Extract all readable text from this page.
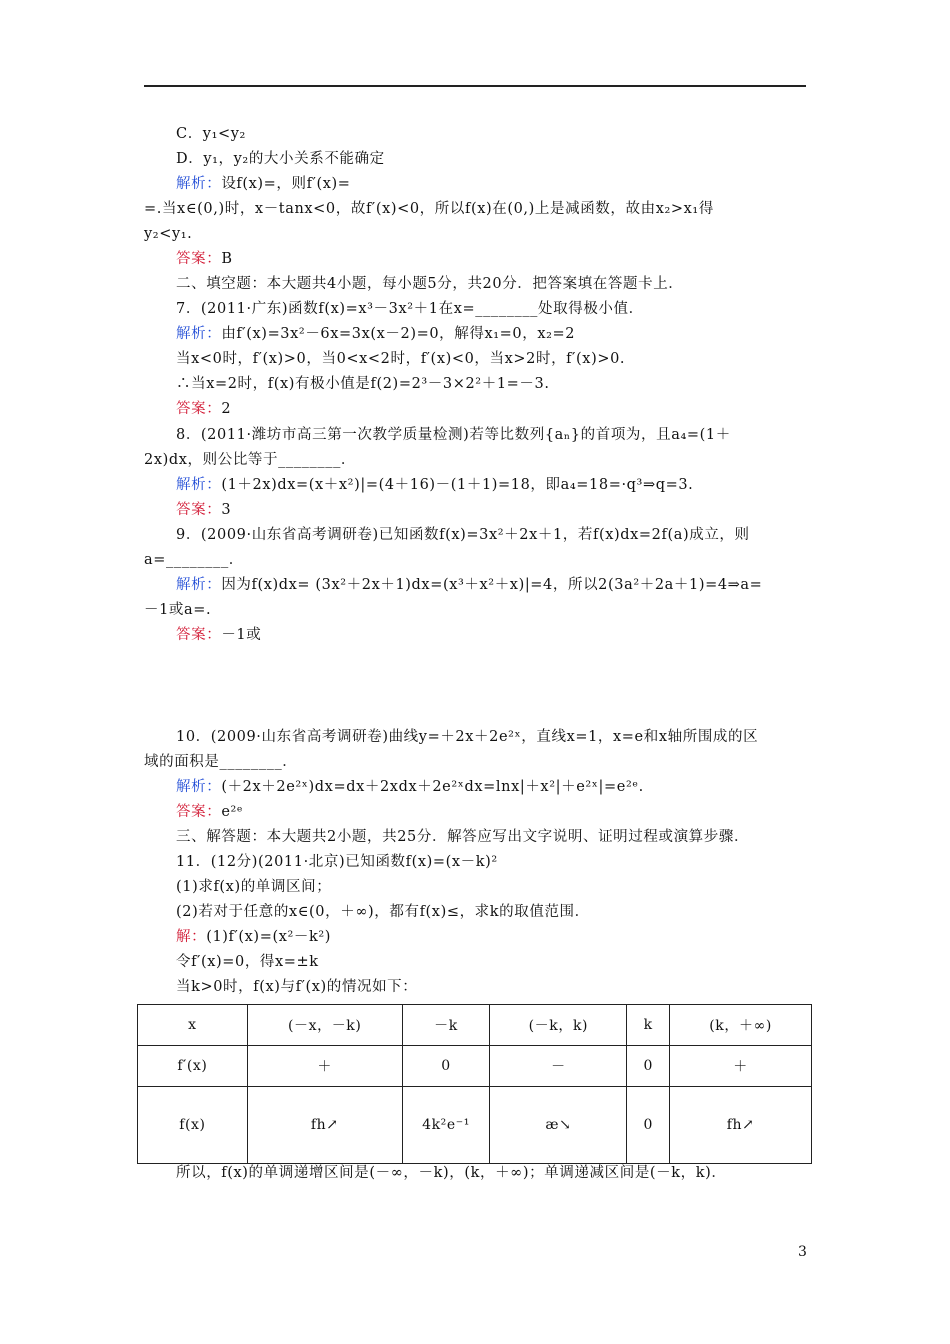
C．y₁<y₂
D．y₁，y₂的大小关系不能确定
解析：设f(x)=，则f′(x)=
=.当x∈(0,)时，x－tanx<0，故f′(x)<0，所以f(x)在(0,)上是减函数，故由x₂>x₁得
y₂<y₁.
答案：B
二、填空题：本大题共4小题，每小题5分，共20分．把答案填在答题卡上．
7．(2011·广东)函数f(x)=x³－3x²＋1在x=________处取得极小值．
解析：由f′(x)=3x²－6x=3x(x－2)=0，解得x₁=0，x₂=2
当x<0时，f′(x)>0，当0<x<2时，f′(x)<0，当x>2时，f′(x)>0.
∴当x=2时，f(x)有极小值是f(2)=2³－3×2²＋1=－3.
答案：2
8．(2011·潍坊市高三第一次教学质量检测)若等比数列{aₙ}的首项为，且a₄=(1＋
2x)dx，则公比等于________．
解析：(1＋2x)dx=(x＋x²)|=(4＋16)－(1＋1)=18，即a₄=18=·q³⇒q=3.
答案：3
9．(2009·山东省高考调研卷)已知函数f(x)=3x²＋2x＋1，若f(x)dx=2f(a)成立，则
a=________．
解析：因为f(x)dx= (3x²＋2x＋1)dx=(x³＋x²＋x)|=4，所以2(3a²＋2a＋1)=4⇒a=
－1或a=.
答案：－1或
10．(2009·山东省高考调研卷)曲线y=＋2x＋2e²ˣ，直线x=1，x=e和x轴所围成的区
域的面积是________．
解析：(＋2x＋2e²ˣ)dx=dx＋2xdx＋2e²ˣdx=lnx|＋x²|＋e²ˣ|=e²ᵉ.
答案：e²ᵉ
三、解答题：本大题共2小题，共25分．解答应写出文字说明、证明过程或演算步骤．
11．(12分)(2011·北京)已知函数f(x)=(x－k)²
(1)求f(x)的单调区间；
(2)若对于任意的x∈(0，＋∞)，都有f(x)≤，求k的取值范围．
解：(1)f′(x)=(x²－k²)
令f′(x)=0，得x=±k
当k>0时，f(x)与f′(x)的情况如下：
x	(－x，－k)	－k	(－k，k)	k	(k，＋∞)
f′(x)	＋	0	－	0	＋
f(x)	fh↗	4k²e⁻¹	æ↘	0	fh↗
所以，f(x)的单调递增区间是(－∞，－k)，(k，＋∞)；单调递减区间是(－k，k)．
3
